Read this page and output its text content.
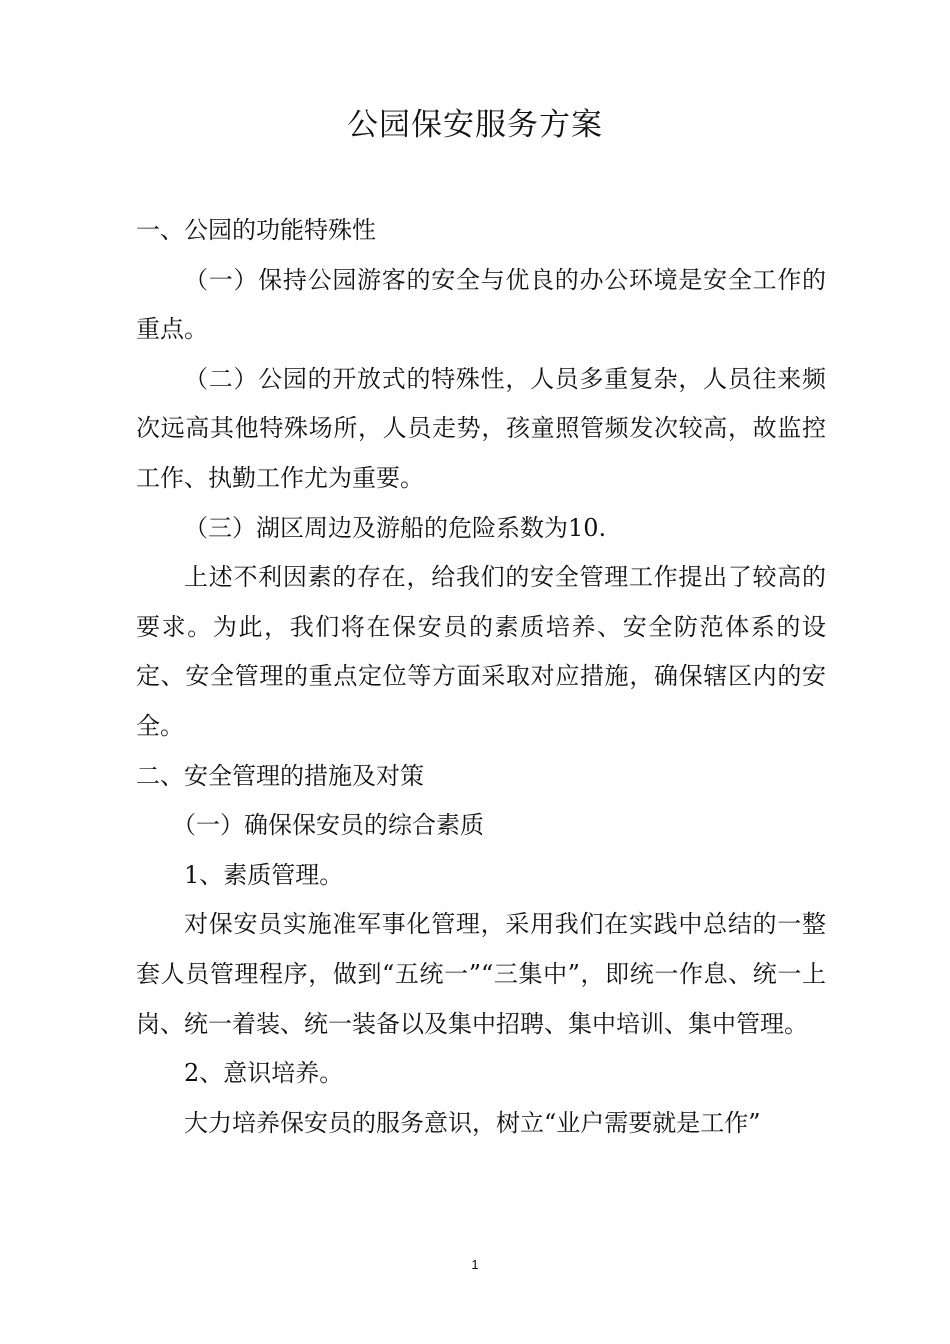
公园保安服务方案

一、公园的功能特殊性

（一）保持公园游客的安全与优良的办公环境是安全工作的重点。

（二）公园的开放式的特殊性，人员多重复杂，人员往来频次远高其他特殊场所，人员走势，孩童照管频发次较高，故监控工作、执勤工作尤为重要。

（三）湖区周边及游船的危险系数为10.

上述不利因素的存在，给我们的安全管理工作提出了较高的要求。为此，我们将在保安员的素质培养、安全防范体系的设定、安全管理的重点定位等方面采取对应措施，确保辖区内的安全。

二、安全管理的措施及对策

（一）确保保安员的综合素质

1、素质管理。

对保安员实施准军事化管理，采用我们在实践中总结的一整套人员管理程序，做到“五统一”“三集中”，即统一作息、统一上岗、统一着装、统一装备以及集中招聘、集中培训、集中管理。

2、意识培养。

大力培养保安员的服务意识，树立“业户需要就是工作”

1
